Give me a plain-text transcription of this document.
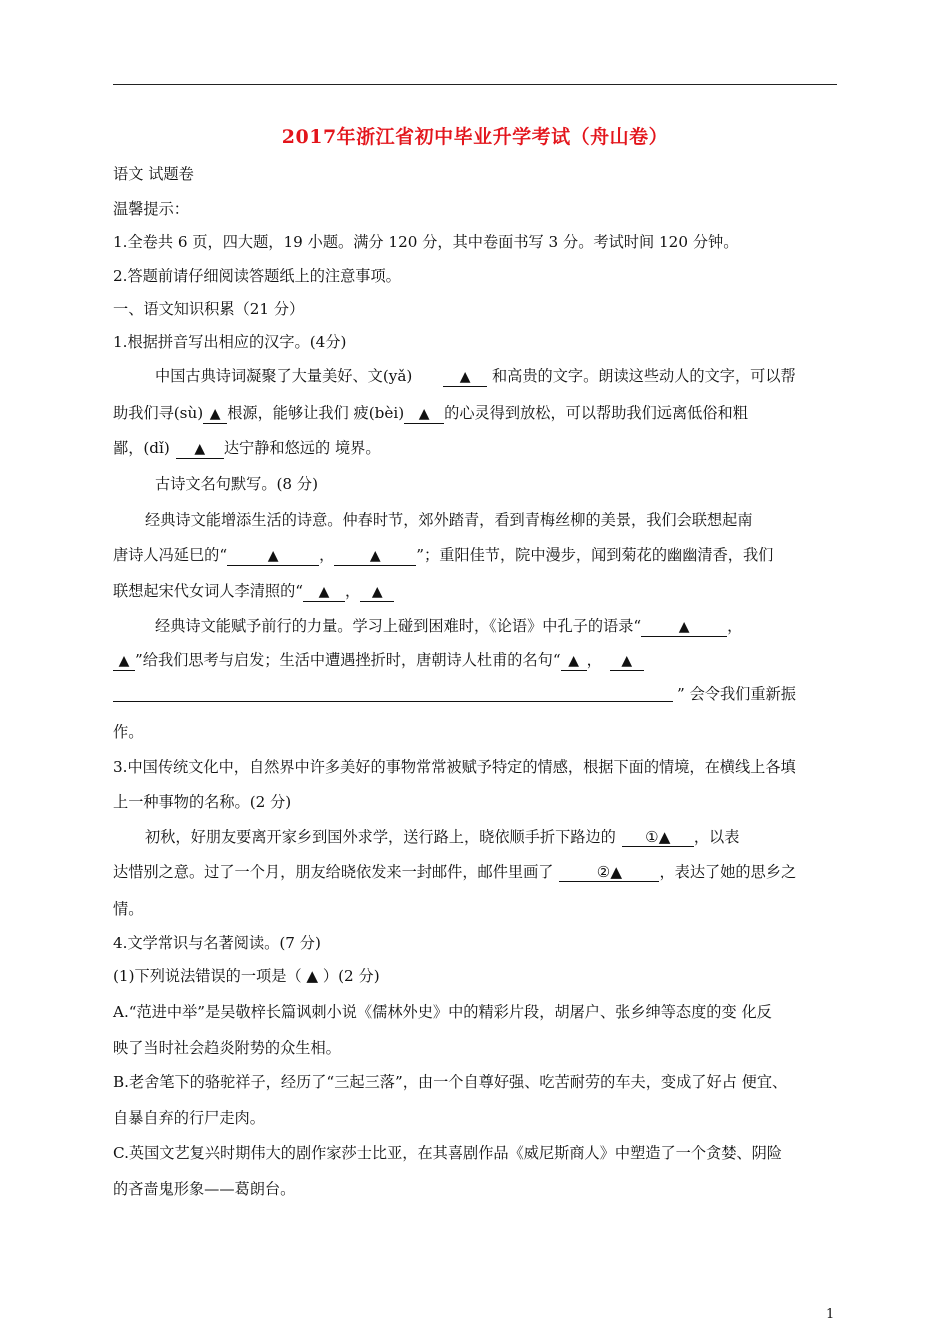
2017年浙江省初中毕业升学考试（舟山卷）
语文 试题卷
温馨提示：
1.全卷共 6 页，四大题，19 小题。满分 120 分，其中卷面书写 3 分。考试时间 120 分钟。
2.答题前请仔细阅读答题纸上的注意事项。
一、语文知识积累（21 分）
1.根据拼音写出相应的汉字。(4分)
中国古典诗词凝聚了大量美好、文(yǎ)	▲ 和高贵的文字。朗读这些动人的文字，可以帮
助我们寻(sù) ▲ 根源，能够让我们 疲(bèi) ▲ 的心灵得到放松，可以帮助我们远离低俗和粗
鄙，(dǐ) ▲ 达宁静和悠远的 境界。
古诗文名句默写。(8 分)
经典诗文能增添生活的诗意。仲春时节，郊外踏青，看到青梅丝柳的美景，我们会联想起南
唐诗人冯延巳的“	▲	，	▲ ”；重阳佳节，院中漫步，闻到菊花的幽幽清香，我们
联想起宋代女词人李清照的“ ▲ ， ▲
经典诗文能赋予前行的力量。学习上碰到困难时，《论语》中孔子的语录“	▲ ，
▲ ”给我们思考与启发；生活中遭遇挫折时，唐朝诗人杜甫的名句“ ▲ ， ▲
” 会令我们重新振
作。
3.中国传统文化中，自然界中许多美好的事物常常被赋予特定的情感，根据下面的情境，在横线上各填
上一种事物的名称。(2 分)
初秋，好朋友要离开家乡到国外求学，送行路上，晓依顺手折下路边的 ①▲ ，以表
达惜别之意。过了一个月，朋友给晓依发来一封邮件，邮件里画了	②▲ ，表达了她的思乡之
情。
4.文学常识与名著阅读。(7 分)
(1)下列说法错误的一项是（ ▲ ）(2 分)
A.“范进中举”是吴敬梓长篇讽刺小说《儒林外史》中的精彩片段，胡屠户、张乡绅等态度的变 化反
映了当时社会趋炎附势的众生相。
B.老舍笔下的骆驼祥子，经历了“三起三落”，由一个自尊好强、吃苦耐劳的车夫，变成了好占 便宜、
自暴自弃的行尸走肉。
C.英国文艺复兴时期伟大的剧作家莎士比亚，在其喜剧作品《威尼斯商人》中塑造了一个贪婪、阴险
的吝啬鬼形象——葛朗台。
1
